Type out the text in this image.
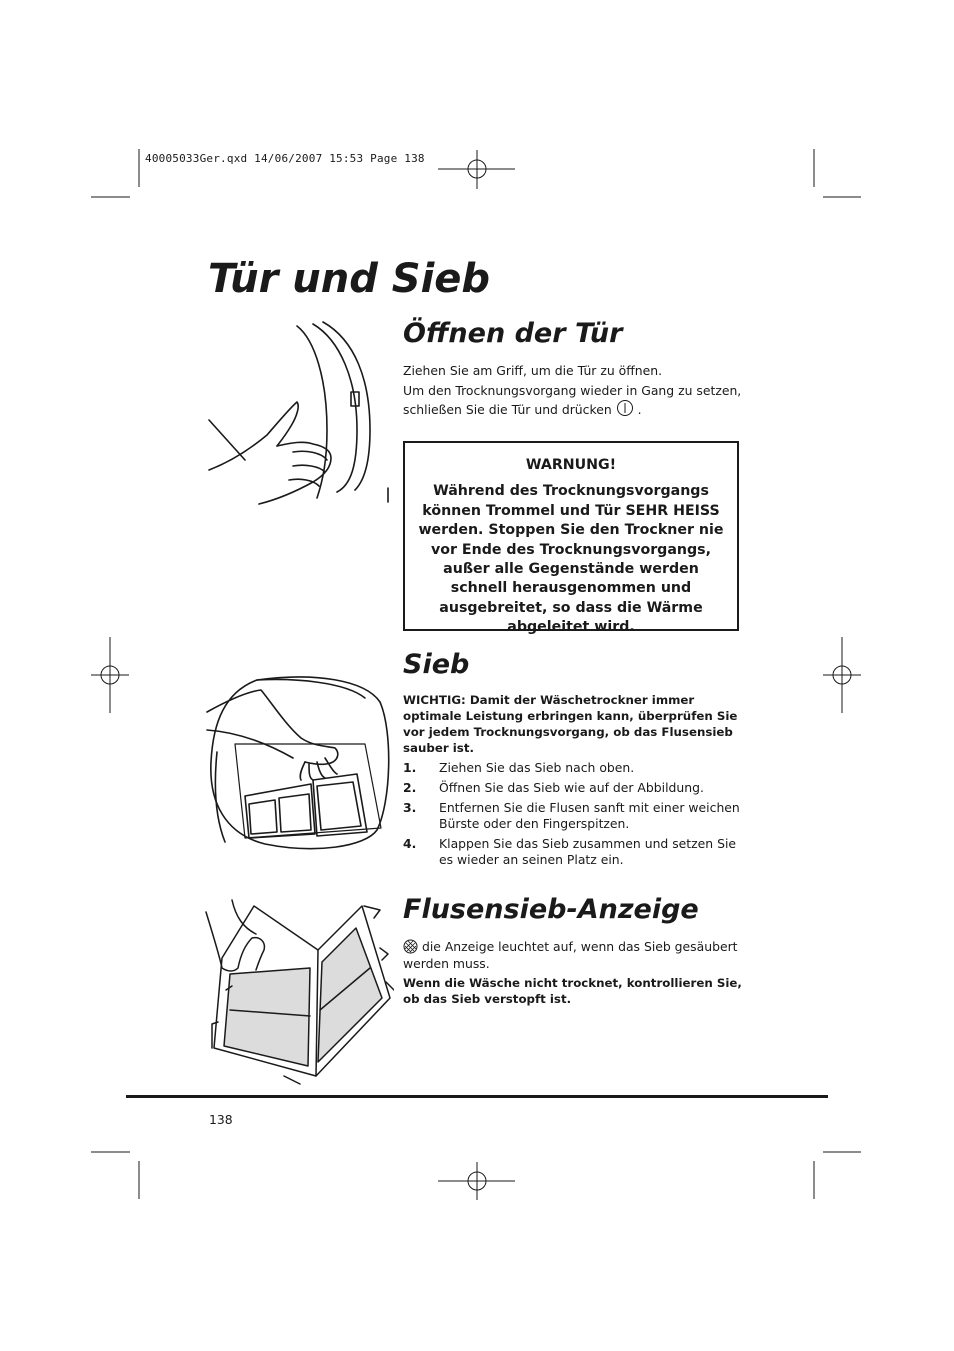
40005033Ger.qxd 14/06/2007 15:53 Page 138
Tür und Sieb
Öffnen der Tür

Ziehen Sie am Griff, um die Tür zu öffnen.

Um den Trocknungsvorgang wieder in Gang zu setzen,

schließen Sie die Tür und drücken .

WARNUNG!
Während des Trocknungsvorgangs können Trommel und Tür SEHR HEISS werden. Stoppen Sie den Trockner nie vor Ende des Trocknungsvorgangs, außer alle Gegenstände werden schnell herausgenommen und ausgebreitet, so dass die Wärme abgeleitet wird.
Sieb
WICHTIG: Damit der Wäschetrockner immer optimale Leistung erbringen kann, überprüfen Sie vor jedem Trocknungsvorgang, ob das Flusensieb sauber ist.
1. Ziehen Sie das Sieb nach oben.
2. Öffnen Sie das Sieb wie auf der Abbildung.
3. Entfernen Sie die Flusen sanft mit einer weichen Bürste oder den Fingerspitzen.
4. Klappen Sie das Sieb zusammen und setzen Sie es wieder an seinen Platz ein.
Flusensieb-Anzeige

die Anzeige leuchtet auf, wenn das Sieb gesäubert werden muss.

Wenn die Wäsche nicht trocknet, kontrollieren Sie, ob das Sieb verstopft ist.
138
